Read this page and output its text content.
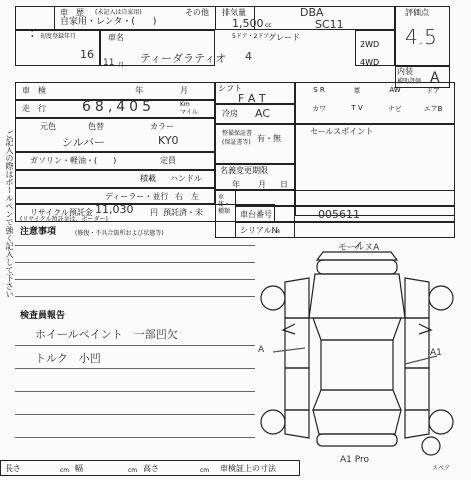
ご記入の際はボールペンで強く記入して下さい
車　歴 (未記入は自家用)	その他
自家用・レンタ・(　　)
:
排気量
1,500 cc
DBA
SC11
評価点
4.5
初度登録年月
16
11 月
車名
ティーダラティオ
5ドア・2ドア
4
グレード
2WD
4WD
内装
補助評価 A
車　検	年	月
走　行	68,405	Km
マイル
元色	色替	カラー
シルバー	KY0
ガソリン・軽油・(　　)	定員
積載 ハンドル
ディーラー・並行 右　左
リサイクル預託金 11,030 円 預託済・未
(リサイクル預託金は、ボーダー)
注意事項	(修復・不具合箇所および状態等)
検査員報告
ホイールペイント　一部凹欠
トルク　小凹
シフト
F A T
冷房 AC
S R	革	AW	ドア
カワ	T V	ナビ	エアB
整備保証書
(保証書等) 有・無
セールスポイント
名義変更期限
年 月 日
車体・種類	車台番号	005611
シリアル№
モールヌA
A	A1
A1 Pro
スペア
長さ	cm 幅	cm 高さ	cm 車検証上の寸法
